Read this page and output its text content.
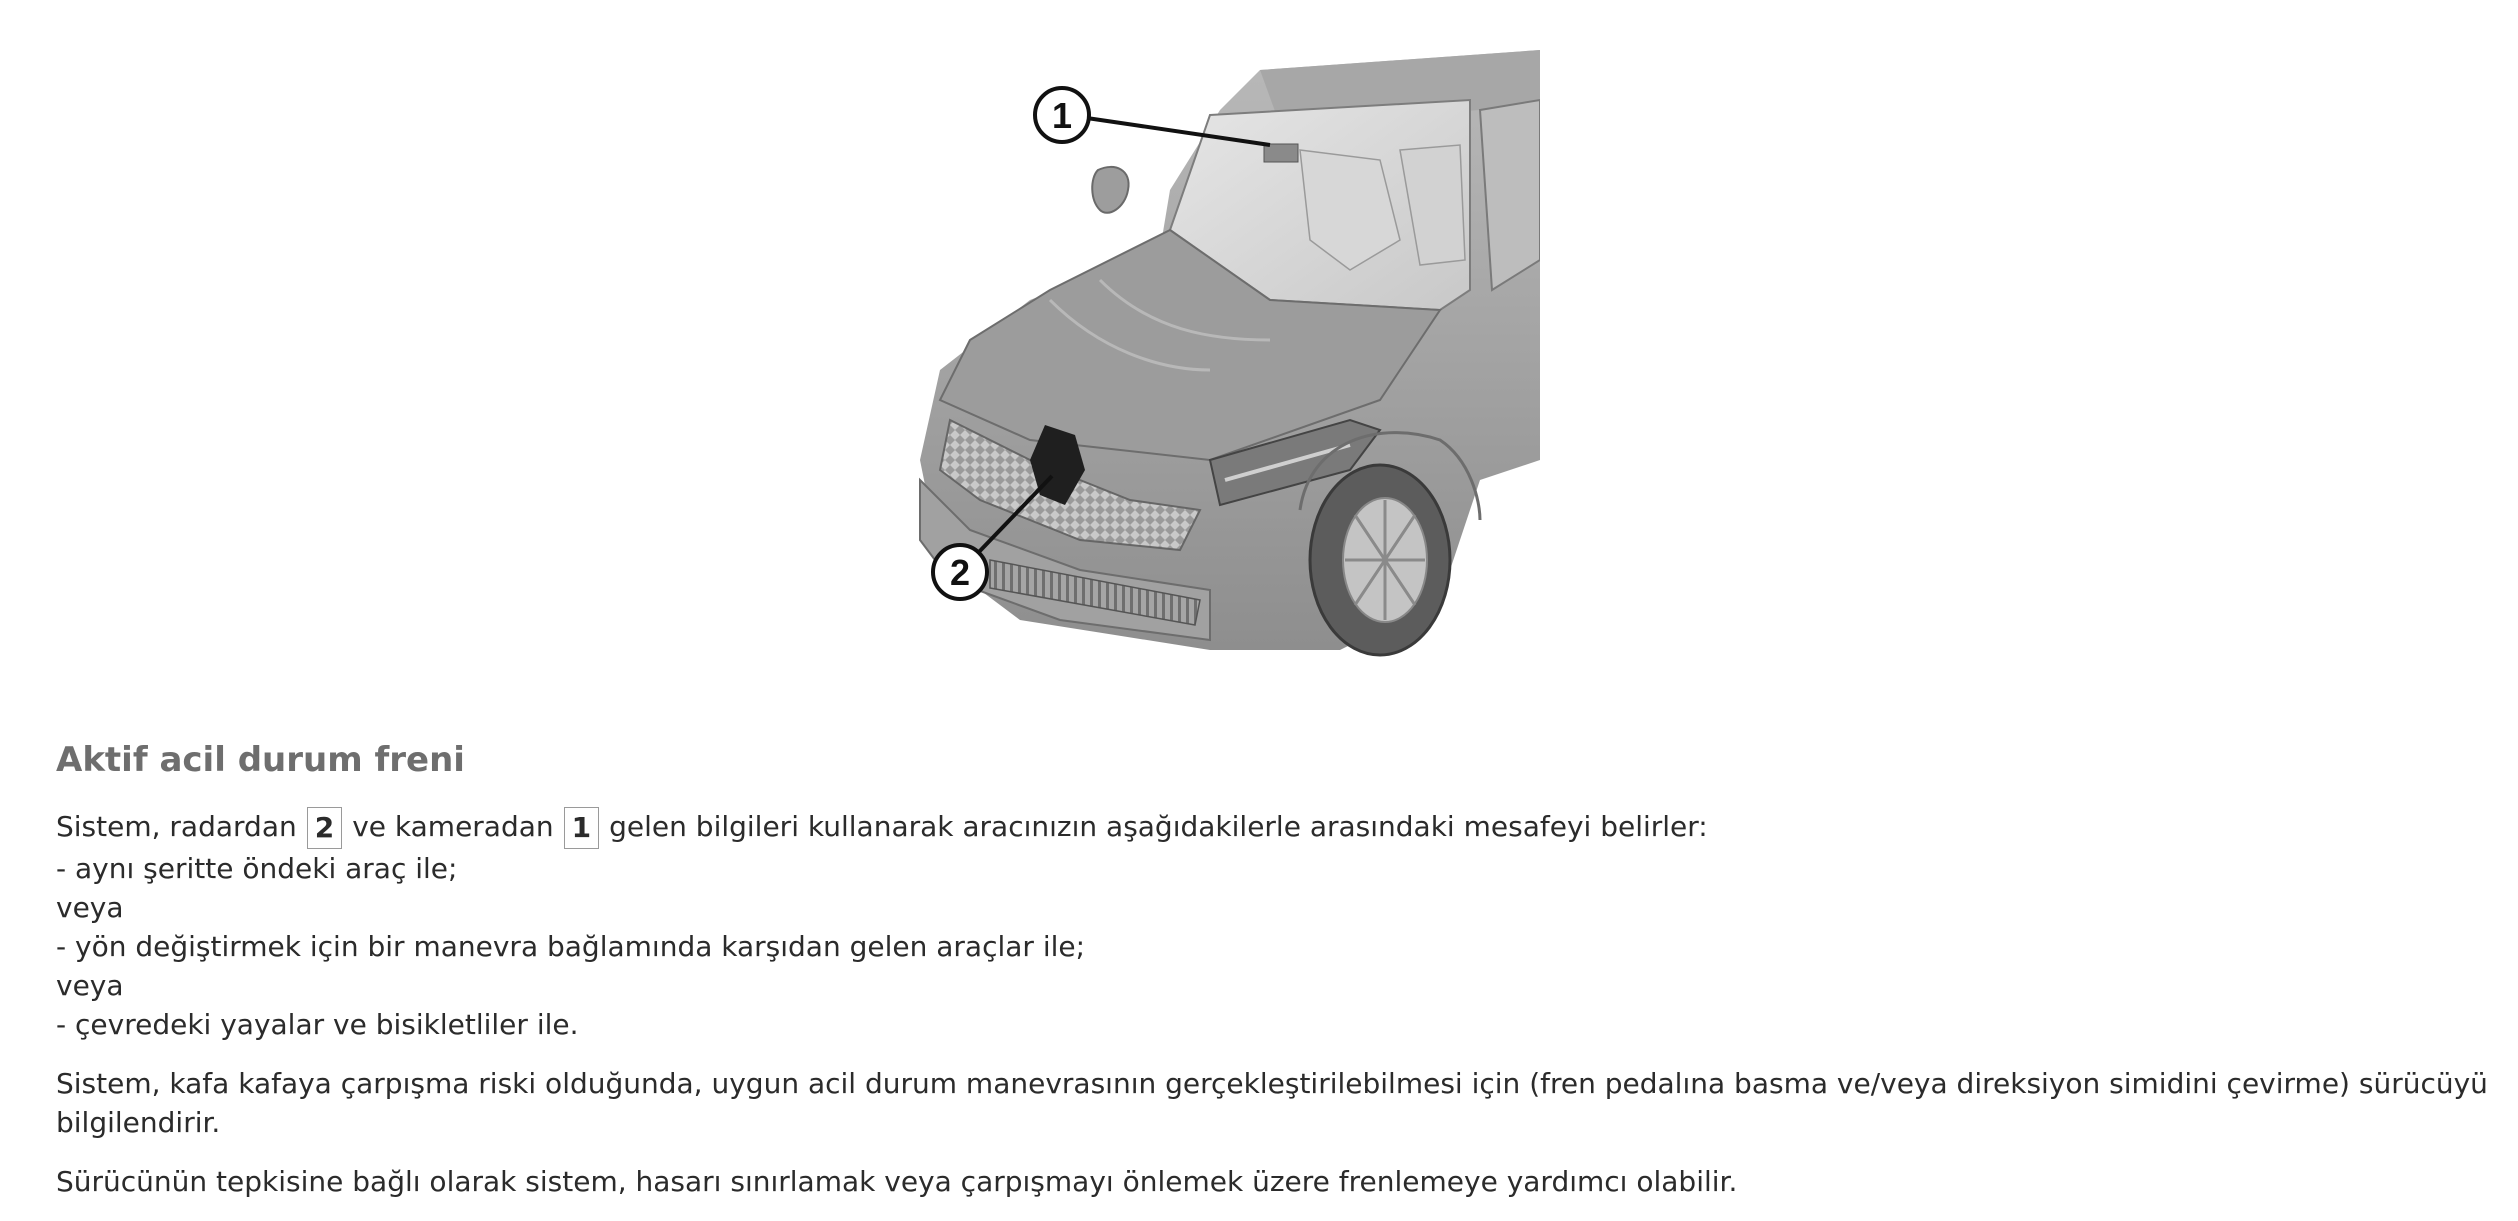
1
2
Aktif acil durum freni
Sistem, radardan 2 ve kameradan 1 gelen bilgileri kullanarak aracınızın aşağıdakilerle arasındaki mesafeyi belirler:

- aynı şeritte öndeki araç ile;

veya

- yön değiştirmek için bir manevra bağlamında karşıdan gelen araçlar ile;

veya

- çevredeki yayalar ve bisikletliler ile.

Sistem, kafa kafaya çarpışma riski olduğunda, uygun acil durum manevrasının gerçekleştirilebilmesi için (fren pedalına basma ve/veya direksiyon simidini çevirme) sürücüyü bilgilendirir.
Sürücünün tepkisine bağlı olarak sistem, hasarı sınırlamak veya çarpışmayı önlemek üzere frenlemeye yardımcı olabilir.
